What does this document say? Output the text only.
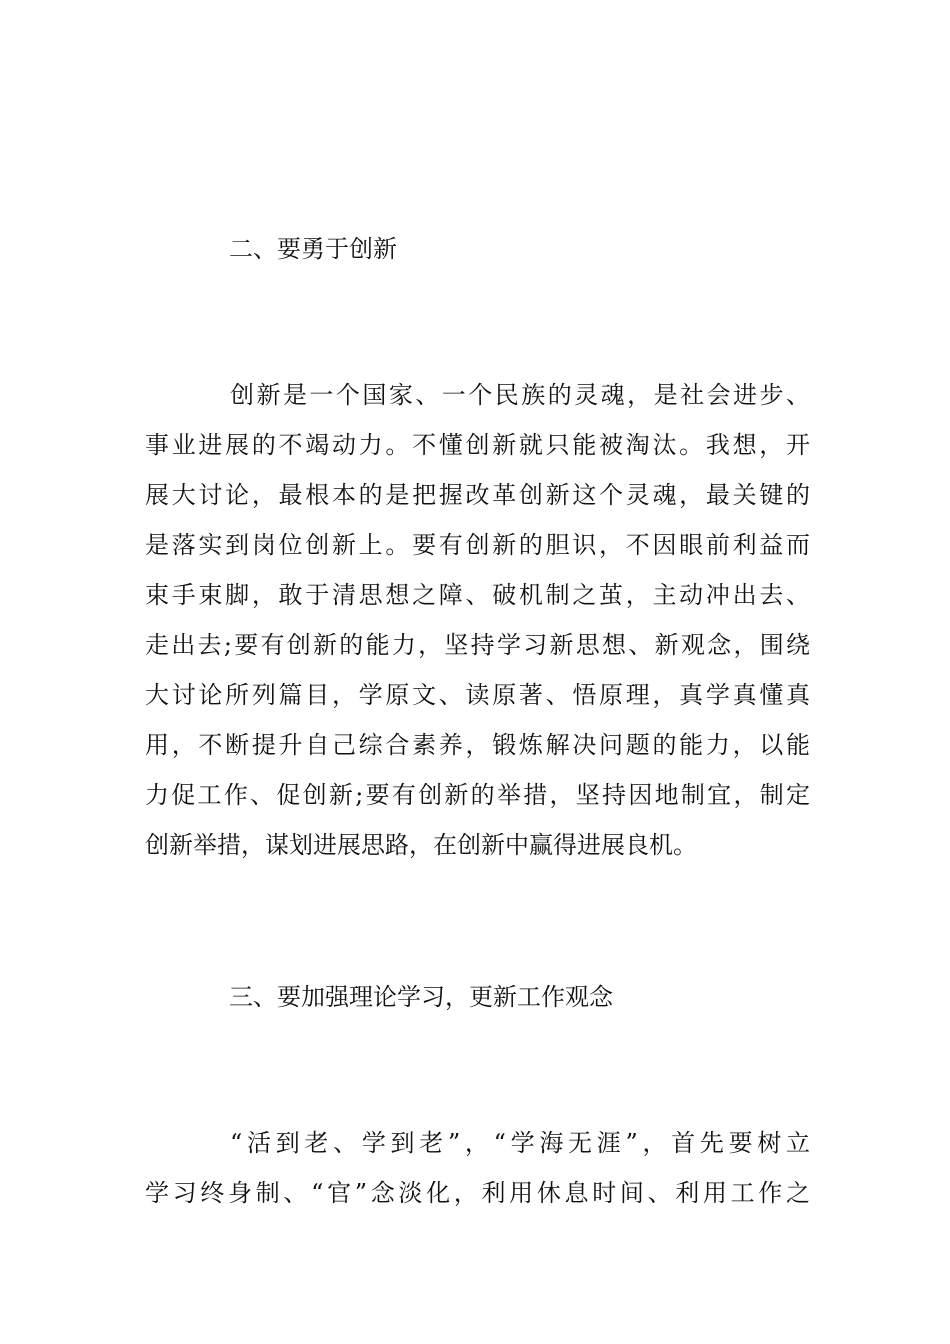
二、要勇于创新
创新是一个国家、一个民族的灵魂，是社会进步、
事业进展的不竭动力。不懂创新就只能被淘汰。我想，开
展大讨论，最根本的是把握改革创新这个灵魂，最关键的
是落实到岗位创新上。要有创新的胆识，不因眼前利益而
束手束脚，敢于清思想之障、破机制之茧，主动冲出去、
走出去;要有创新的能力，坚持学习新思想、新观念，围绕
大讨论所列篇目，学原文、读原著、悟原理，真学真懂真
用，不断提升自己综合素养，锻炼解决问题的能力，以能
力促工作、促创新;要有创新的举措，坚持因地制宜，制定
创新举措，谋划进展思路，在创新中赢得进展良机。
三、要加强理论学习，更新工作观念
“活到老、学到老”，“学海无涯”，首先要树立
学习终身制、“官”念淡化，利用休息时间、利用工作之
